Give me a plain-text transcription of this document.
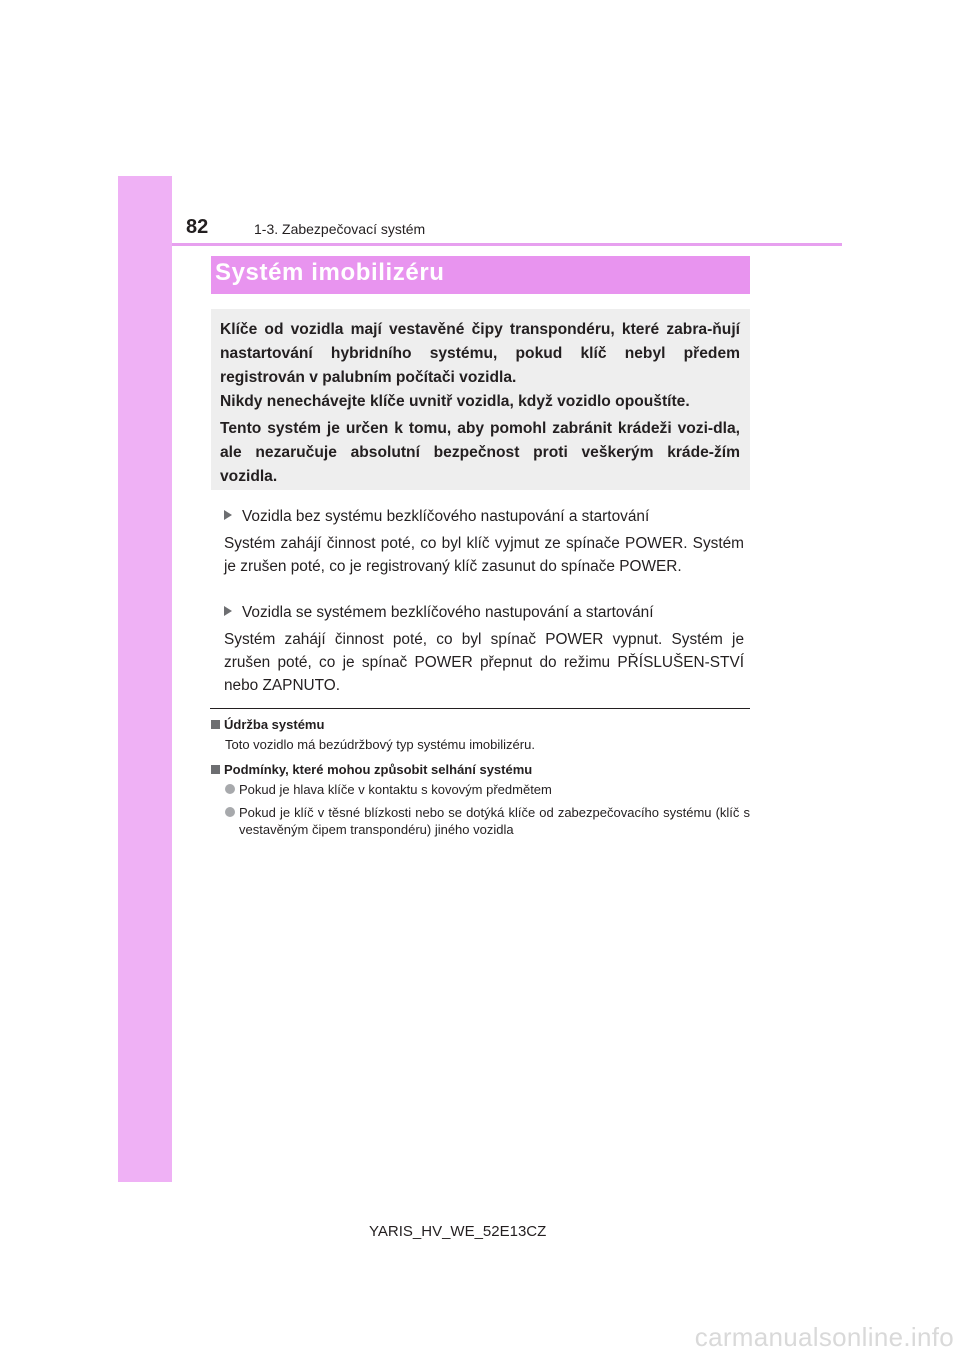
82	1-3. Zabezpečovací systém
Systém imobilizéru

Klíče od vozidla mají vestavěné čipy transpondéru, které zabra-ňují nastartování hybridního systému, pokud klíč nebyl předem registrován v palubním počítači vozidla.

Nikdy nenechávejte klíče uvnitř vozidla, když vozidlo opouštíte.

Tento systém je určen k tomu, aby pomohl zabránit krádeži vozi-dla, ale nezaručuje absolutní bezpečnost proti veškerým kráde-žím vozidla.

Vozidla bez systému bezklíčového nastupování a startování

Systém zahájí činnost poté, co byl klíč vyjmut ze spínače POWER. Systém je zrušen poté, co je registrovaný klíč zasunut do spínače POWER.

Vozidla se systémem bezklíčového nastupování a startování

Systém zahájí činnost poté, co byl spínač POWER vypnut. Systém je zrušen poté, co je spínač POWER přepnut do režimu PŘÍSLUŠEN-STVÍ nebo ZAPNUTO.

Údržba systému
Toto vozidlo má bezúdržbový typ systému imobilizéru.
Podmínky, které mohou způsobit selhání systému

Pokud je hlava klíče v kontaktu s kovovým předmětem

Pokud je klíč v těsné blízkosti nebo se dotýká klíče od zabezpečovacího systému (klíč s vestavěným čipem transpondéru) jiného vozidla

YARIS_HV_WE_52E13CZ
carmanualsonline.info
